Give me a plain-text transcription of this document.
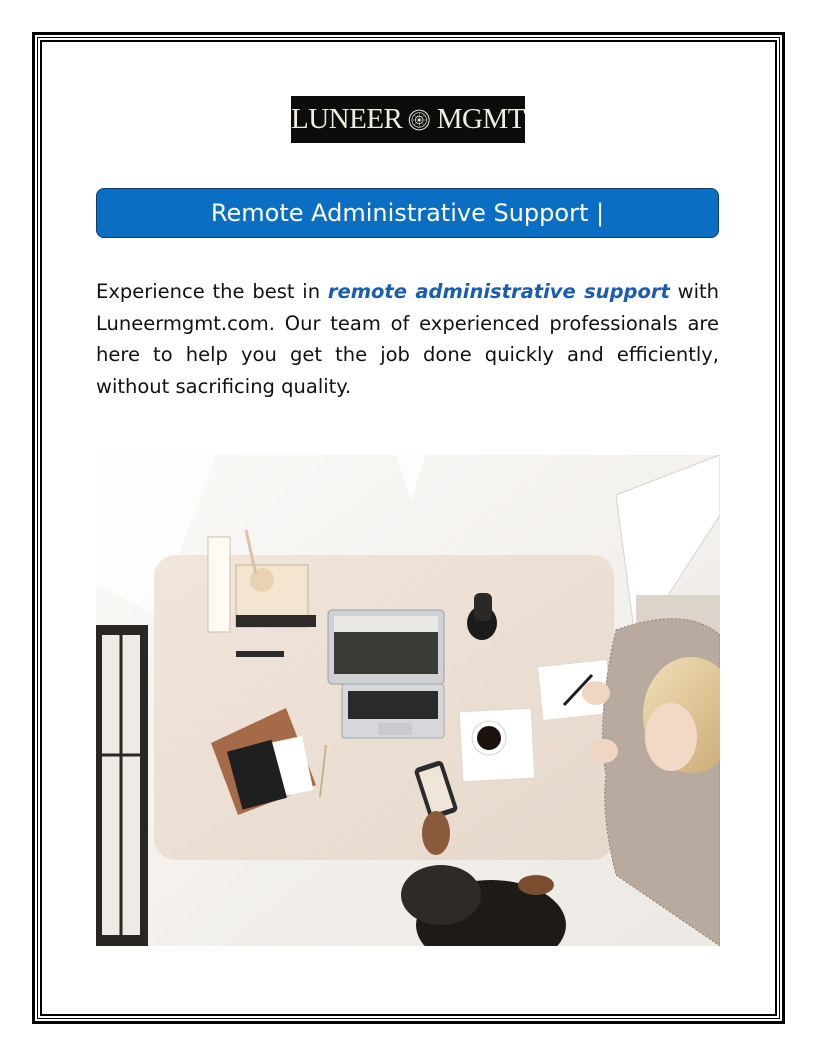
LUNEER MGMT
Remote Administrative Support |

Experience the best in remote administrative support with Luneermgmt.com. Our team of experienced professionals are here to help you get the job done quickly and efficiently, without sacrificing quality.
